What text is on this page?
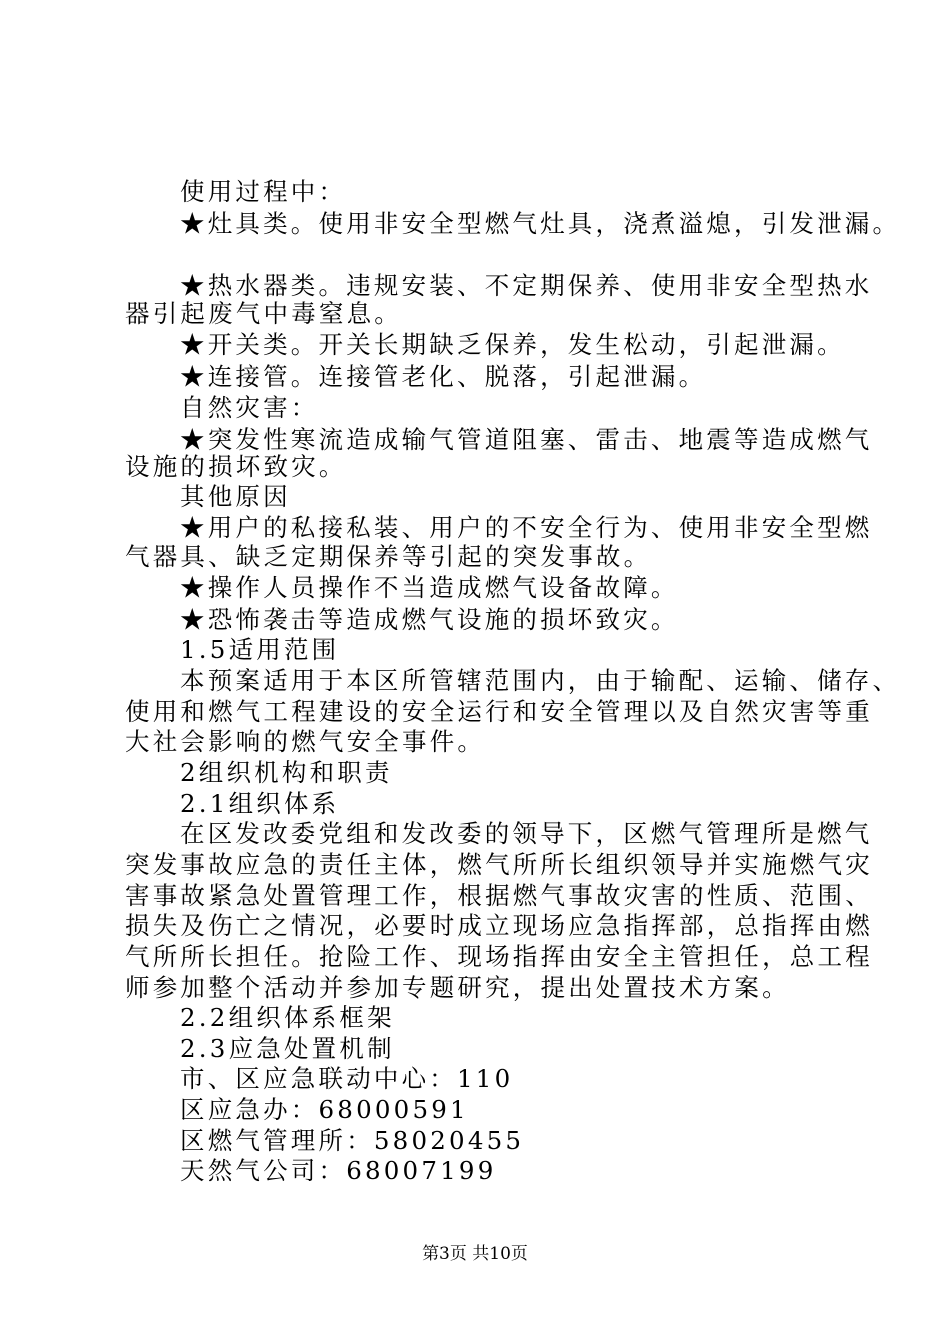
使用过程中：
★灶具类。使用非安全型燃气灶具，浇煮溢熄，引发泄漏。
★热水器类。违规安装、不定期保养、使用非安全型热水
器引起废气中毒窒息。
★开关类。开关长期缺乏保养，发生松动，引起泄漏。
★连接管。连接管老化、脱落，引起泄漏。
自然灾害：
★突发性寒流造成输气管道阻塞、雷击、地震等造成燃气
设施的损坏致灾。
其他原因
★用户的私接私装、用户的不安全行为、使用非安全型燃
气器具、缺乏定期保养等引起的突发事故。
★操作人员操作不当造成燃气设备故障。
★恐怖袭击等造成燃气设施的损坏致灾。
1.5适用范围
本预案适用于本区所管辖范围内，由于输配、运输、储存、
使用和燃气工程建设的安全运行和安全管理以及自然灾害等重
大社会影响的燃气安全事件。
2组织机构和职责
2.1组织体系
在区发改委党组和发改委的领导下，区燃气管理所是燃气
突发事故应急的责任主体，燃气所所长组织领导并实施燃气灾
害事故紧急处置管理工作，根据燃气事故灾害的性质、范围、
损失及伤亡之情况，必要时成立现场应急指挥部，总指挥由燃
气所所长担任。抢险工作、现场指挥由安全主管担任，总工程
师参加整个活动并参加专题研究，提出处置技术方案。
2.2组织体系框架
2.3应急处置机制
市、区应急联动中心：110
区应急办：68000591
区燃气管理所：58020455
天然气公司：68007199
第3页 共10页
